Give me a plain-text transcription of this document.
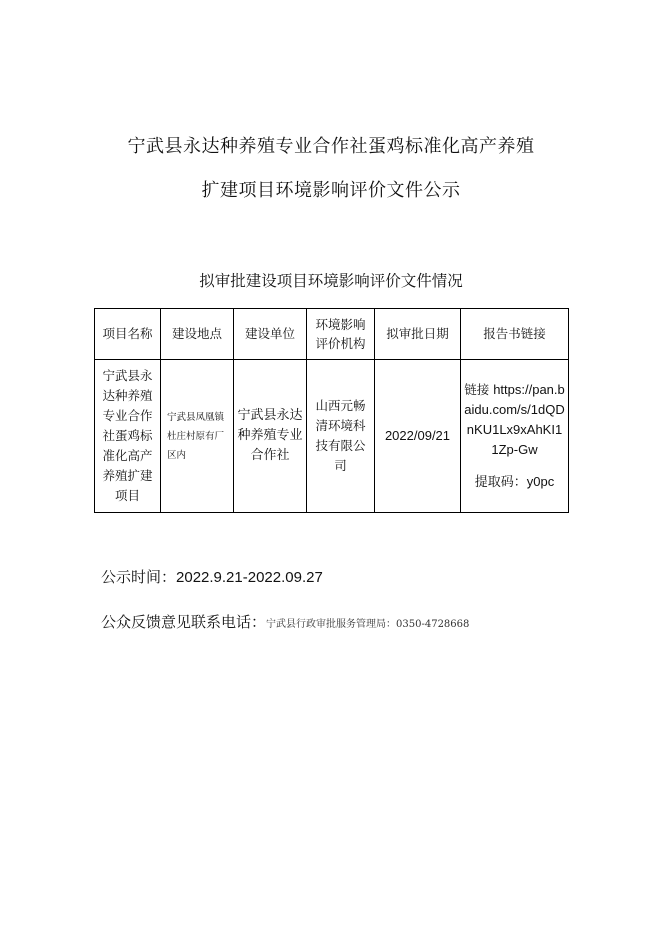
宁武县永达种养殖专业合作社蛋鸡标准化高产养殖
扩建项目环境影响评价文件公示
拟审批建设项目环境影响评价文件情况
项目名称	建设地点	建设单位	环境影响评价机构	拟审批日期	报告书链接
宁武县永达种养殖专业合作社蛋鸡标准化高产养殖扩建项目	宁武县凤凰镇杜庄村原有厂区内	宁武县永达种养殖专业合作社	山西元畅清环境科技有限公司	2022/09/21	链接 https://pan.baidu.com/s/1dQDnKU1Lx9xAhKI11Zp-Gw
提取码：y0pc
公示时间：2022.9.21-2022.09.27
公众反馈意见联系电话：宁武县行政审批服务管理局：0350-4728668
